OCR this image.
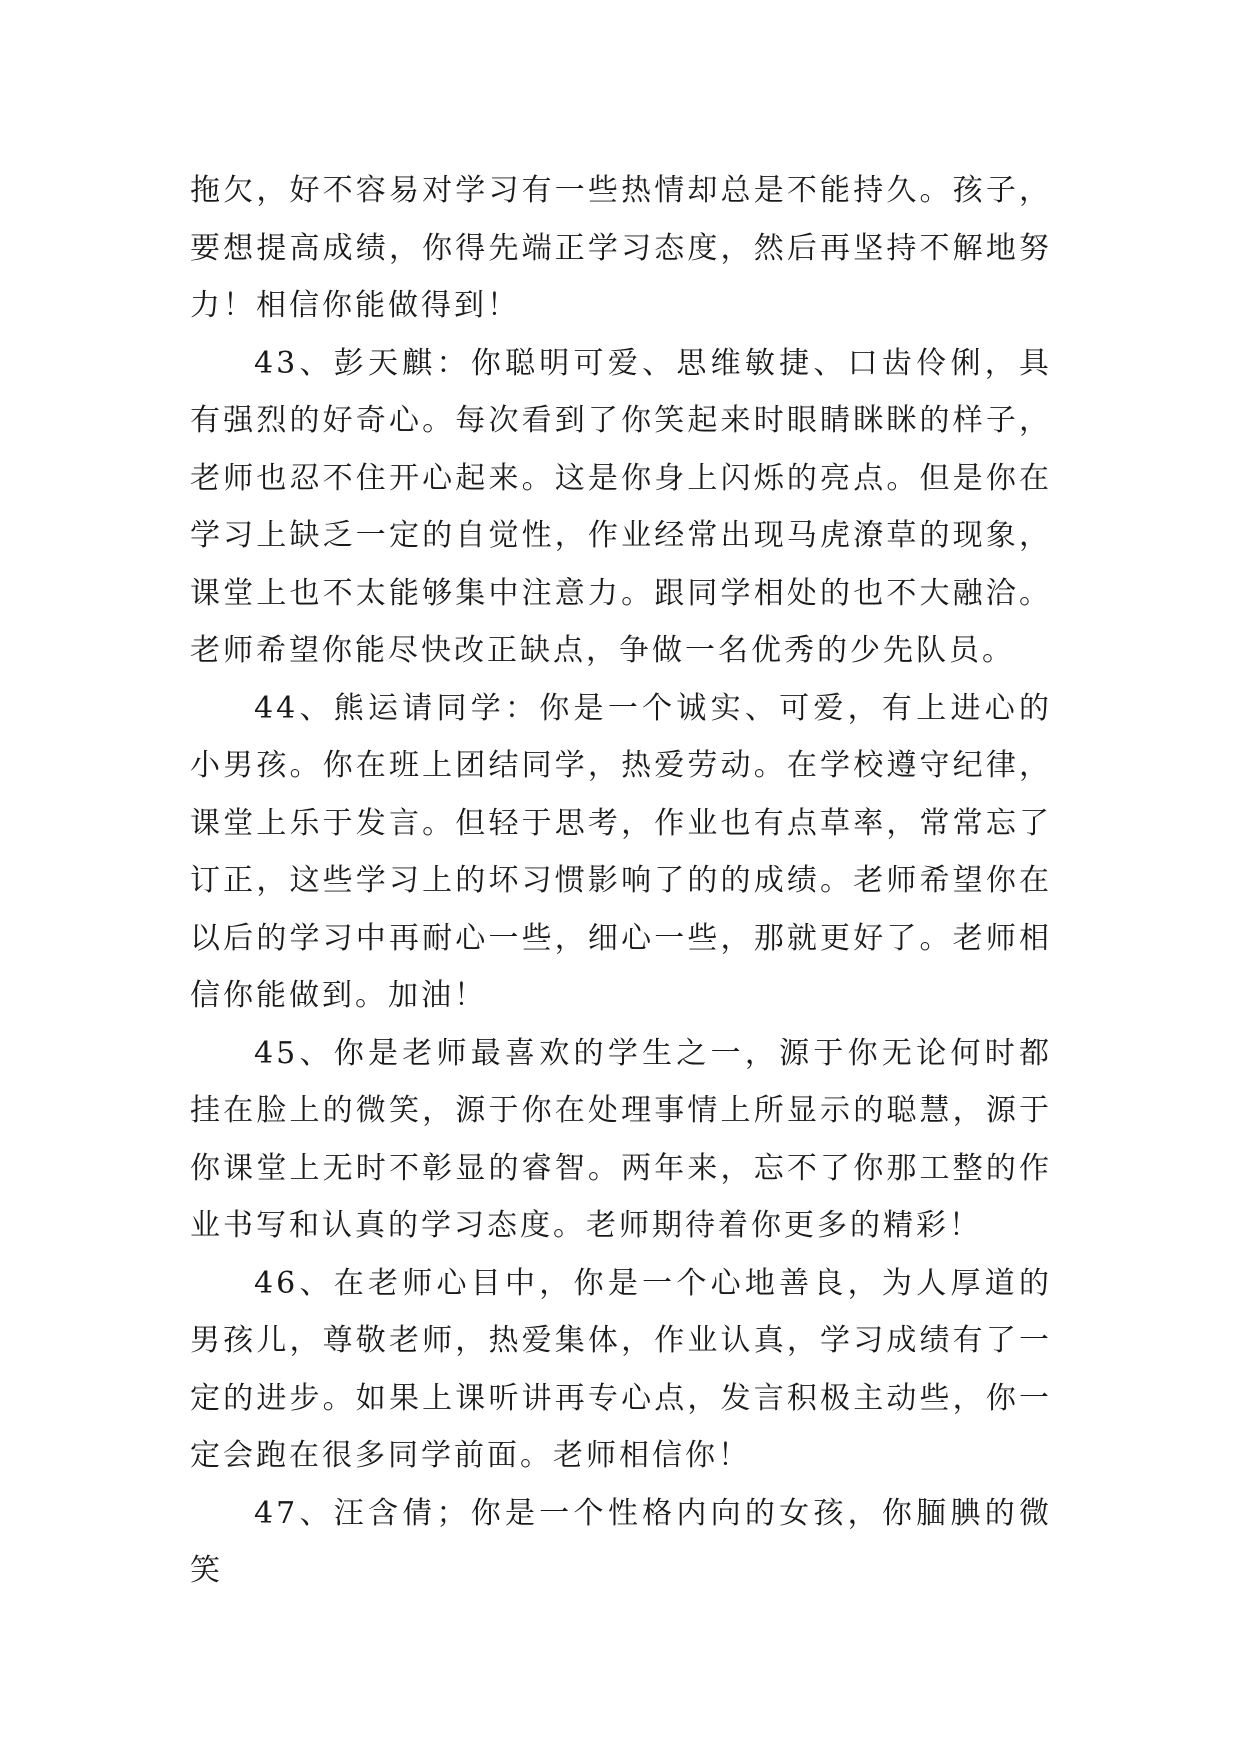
拖欠，好不容易对学习有一些热情却总是不能持久。孩子，要想提高成绩，你得先端正学习态度，然后再坚持不解地努力！相信你能做得到！

43、彭天麒：你聪明可爱、思维敏捷、口齿伶俐，具有强烈的好奇心。每次看到了你笑起来时眼睛眯眯的样子，老师也忍不住开心起来。这是你身上闪烁的亮点。但是你在学习上缺乏一定的自觉性，作业经常出现马虎潦草的现象，课堂上也不太能够集中注意力。跟同学相处的也不大融洽。老师希望你能尽快改正缺点，争做一名优秀的少先队员。

44、熊运请同学：你是一个诚实、可爱，有上进心的小男孩。你在班上团结同学，热爱劳动。在学校遵守纪律，课堂上乐于发言。但轻于思考，作业也有点草率，常常忘了订正，这些学习上的坏习惯影响了的的成绩。老师希望你在以后的学习中再耐心一些，细心一些，那就更好了。老师相信你能做到。加油！

45、你是老师最喜欢的学生之一，源于你无论何时都挂在脸上的微笑，源于你在处理事情上所显示的聪慧，源于你课堂上无时不彰显的睿智。两年来，忘不了你那工整的作业书写和认真的学习态度。老师期待着你更多的精彩！

46、在老师心目中，你是一个心地善良，为人厚道的男孩儿，尊敬老师，热爱集体，作业认真，学习成绩有了一定的进步。如果上课听讲再专心点，发言积极主动些，你一定会跑在很多同学前面。老师相信你！

47、汪含倩；你是一个性格内向的女孩，你腼腆的微笑
